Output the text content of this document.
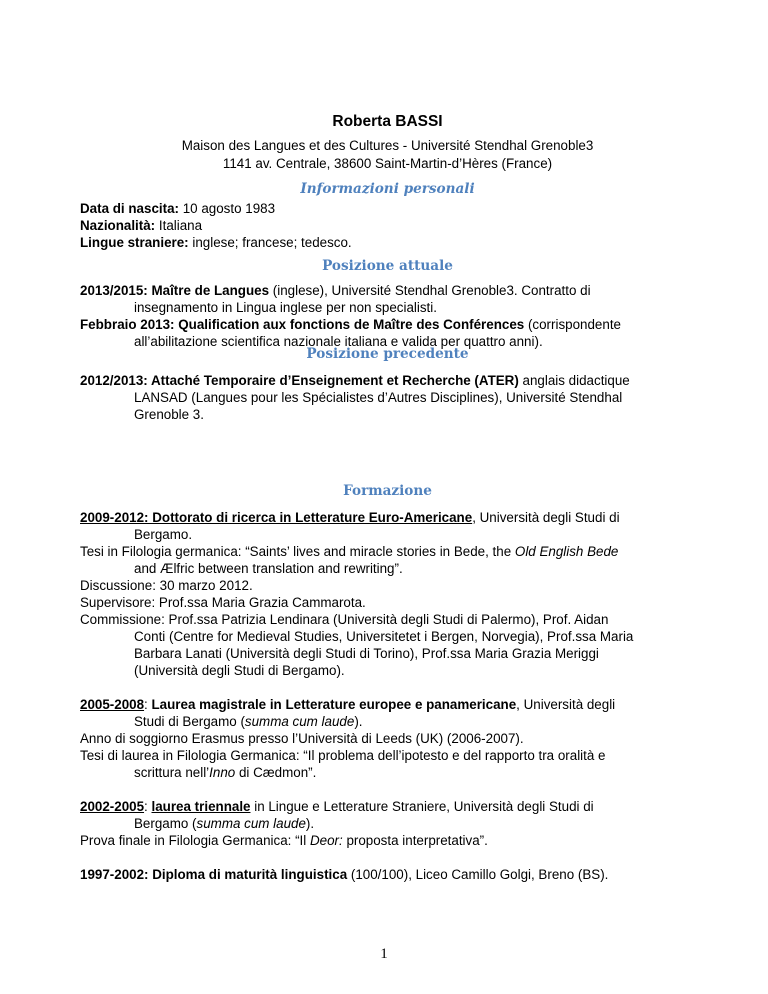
Roberta BASSI
Maison des Langues et des Cultures - Université Stendhal Grenoble3
1141 av. Centrale, 38600 Saint-Martin-d’Hères (France)
Informazioni personali
Data di nascita: 10 agosto 1983
Nazionalità: Italiana
Lingue straniere: inglese; francese; tedesco.
Posizione attuale
2013/2015: Maître de Langues (inglese), Université Stendhal Grenoble3. Contratto di
insegnamento in Lingua inglese per non specialisti.
Febbraio 2013: Qualification aux fonctions de Maître des Conférences (corrispondente
all’abilitazione scientifica nazionale italiana e valida per quattro anni).
Posizione precedente
2012/2013: Attaché Temporaire d’Enseignement et Recherche (ATER) anglais didactique
LANSAD (Langues pour les Spécialistes d’Autres Disciplines), Université Stendhal
Grenoble 3.
Formazione
2009-2012: Dottorato di ricerca in Letterature Euro-Americane, Università degli Studi di
Bergamo.
Tesi in Filologia germanica: “Saints’ lives and miracle stories in Bede, the Old English Bede
and Ælfric between translation and rewriting”.
Discussione: 30 marzo 2012.
Supervisore: Prof.ssa Maria Grazia Cammarota.
Commissione: Prof.ssa Patrizia Lendinara (Università degli Studi di Palermo), Prof. Aidan
Conti (Centre for Medieval Studies, Universitetet i Bergen, Norvegia), Prof.ssa Maria
Barbara Lanati (Università degli Studi di Torino), Prof.ssa Maria Grazia Meriggi
(Università degli Studi di Bergamo).
2005-2008: Laurea magistrale in Letterature europee e panamericane, Università degli
Studi di Bergamo (summa cum laude).
Anno di soggiorno Erasmus presso l’Università di Leeds (UK) (2006-2007).
Tesi di laurea in Filologia Germanica: “Il problema dell’ipotesto e del rapporto tra oralità e
scrittura nell’Inno di Cædmon”.
2002-2005: laurea triennale in Lingue e Letterature Straniere, Università degli Studi di
Bergamo (summa cum laude).
Prova finale in Filologia Germanica: “Il Deor: proposta interpretativa”.
1997-2002: Diploma di maturità linguistica (100/100), Liceo Camillo Golgi, Breno (BS).
1
